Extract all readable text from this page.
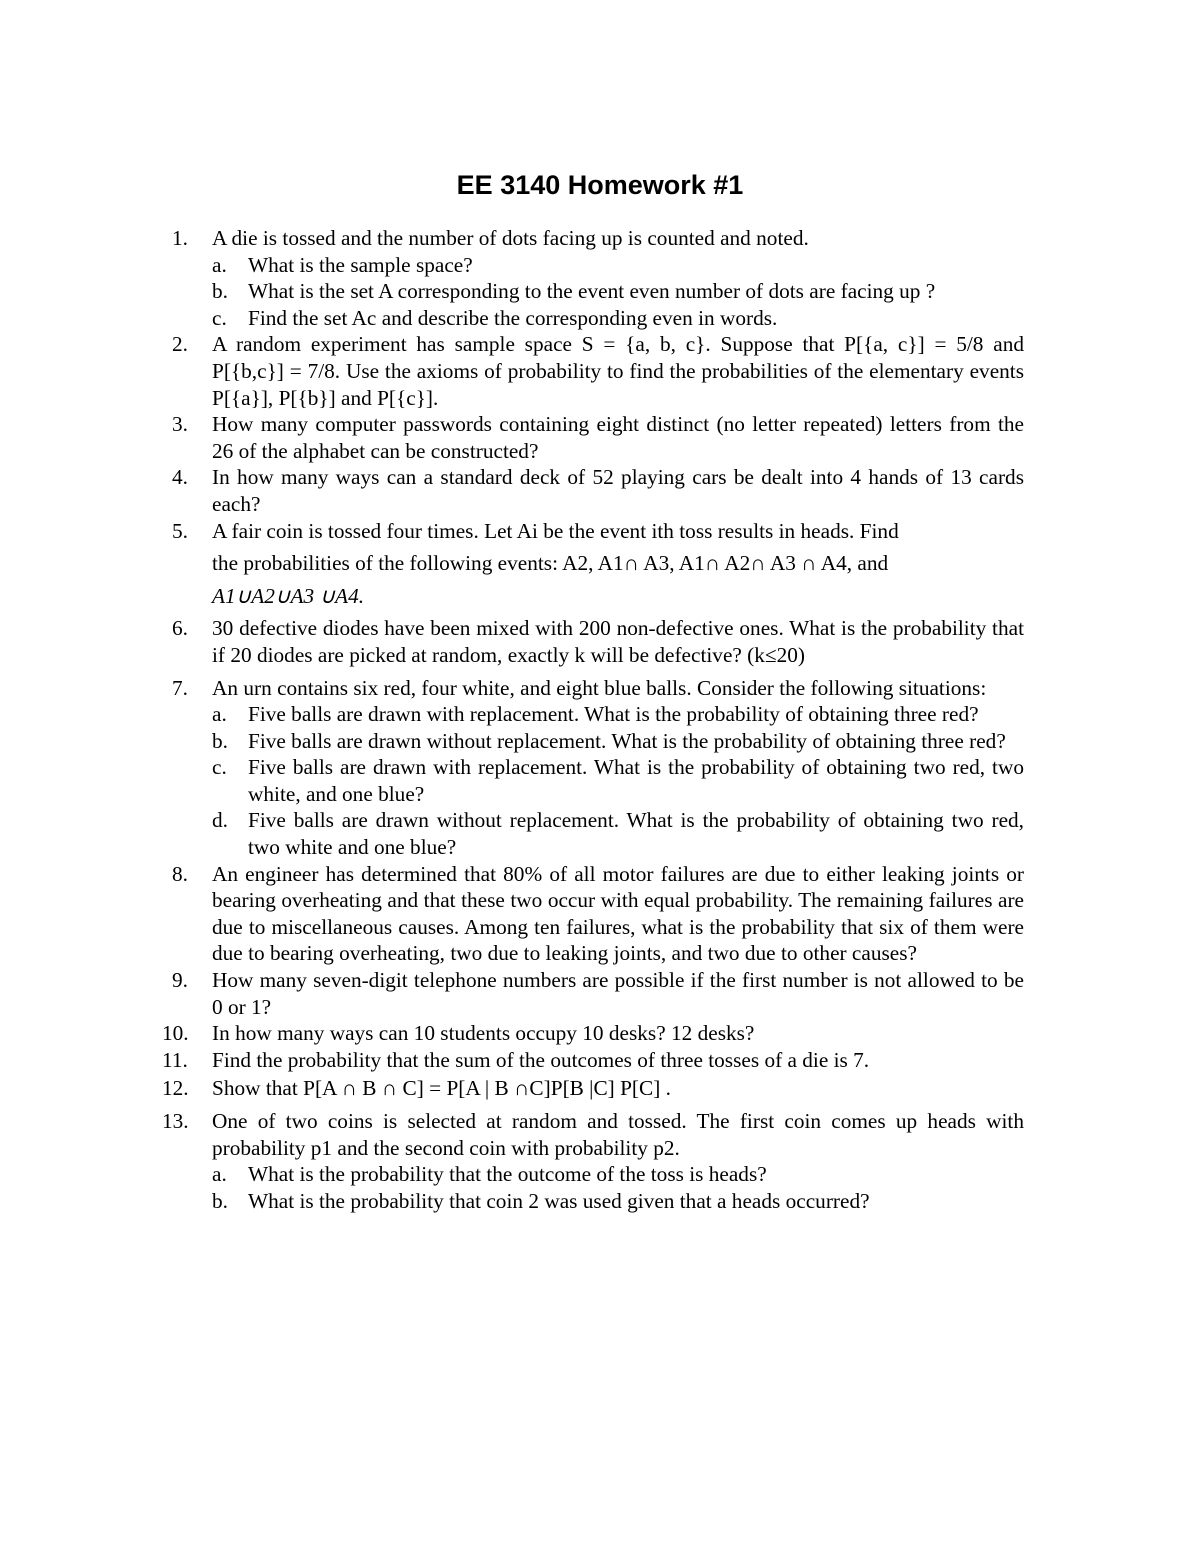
EE 3140 Homework #1
1.	A die is tossed and the number of dots facing up is counted and noted.
a. What is the sample space?
b. What is the set A corresponding to the event even number of dots are facing up ?
c. Find the set Ac and describe the corresponding even in words.
2.	A random experiment has sample space S = {a, b, c}. Suppose that P[{a, c}] = 5/8 and P[{b,c}] = 7/8. Use the axioms of probability to find the probabilities of the elementary events P[{a}], P[{b}] and P[{c}].
3.	How many computer passwords containing eight distinct (no letter repeated) letters from the 26 of the alphabet can be constructed?
4.	In how many ways can a standard deck of 52 playing cars be dealt into 4 hands of 13 cards each?
5.	A fair coin is tossed four times. Let Ai be the event ith toss results in heads. Find
the probabilities of the following events: A2, A1∩ A3, A1∩ A2∩ A3 ∩ A4, and
A1∪A2∪A3 ∪A4.
6.	30 defective diodes have been mixed with 200 non-defective ones. What is the probability that if 20 diodes are picked at random, exactly k will be defective? (k≤20)
7.	An urn contains six red, four white, and eight blue balls. Consider the following situations:
a. Five balls are drawn with replacement. What is the probability of obtaining three red?
b. Five balls are drawn without replacement. What is the probability of obtaining three red?
c. Five balls are drawn with replacement. What is the probability of obtaining two red, two white, and one blue?
d. Five balls are drawn without replacement. What is the probability of obtaining two red, two white and one blue?
8.	An engineer has determined that 80% of all motor failures are due to either leaking joints or bearing overheating and that these two occur with equal probability. The remaining failures are due to miscellaneous causes. Among ten failures, what is the probability that six of them were due to bearing overheating, two due to leaking joints, and two due to other causes?
9.	How many seven-digit telephone numbers are possible if the first number is not allowed to be 0 or 1?
10.	In how many ways can 10 students occupy 10 desks? 12 desks?
11.	Find the probability that the sum of the outcomes of three tosses of a die is 7.
12.	Show that P[A ∩ B ∩ C] = P[A | B ∩C]P[B |C] P[C] .
13.	One of two coins is selected at random and tossed. The first coin comes up heads with probability p1 and the second coin with probability p2.
a. What is the probability that the outcome of the toss is heads?
b. What is the probability that coin 2 was used given that a heads occurred?
